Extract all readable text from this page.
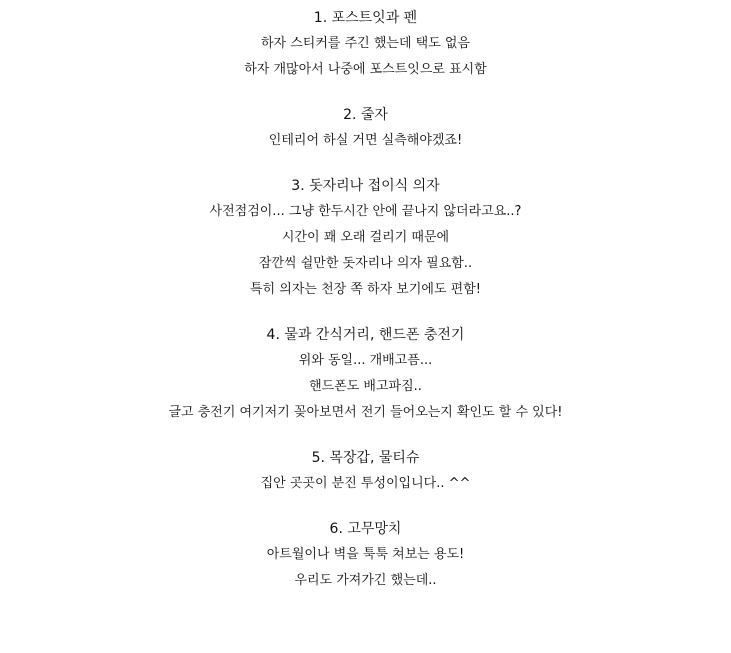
1. 포스트잇과 펜

하자 스티커를 주긴 했는데 택도 없음

하자 개많아서 나중에 포스트잇으로 표시함

2. 줄자

인테리어 하실 거면 실측해야겠죠!

3. 돗자리나 접이식 의자

사전점검이... 그냥 한두시간 안에 끝나지 않더라고요..?

시간이 꽤 오래 걸리기 때문에

잠깐씩 쉴만한 돗자리나 의자 필요함..

특히 의자는 천장 쪽 하자 보기에도 편함!

4. 물과 간식거리, 핸드폰 충전기

위와 동일... 개배고픔...

핸드폰도 배고파짐..

글고 충전기 여기저기 꽂아보면서 전기 들어오는지 확인도 할 수 있다!

5. 목장갑, 물티슈

집안 곳곳이 분진 투성이입니다.. ^^

6. 고무망치

아트월이나 벽을 툭툭 쳐보는 용도!

우리도 가져가긴 했는데..
